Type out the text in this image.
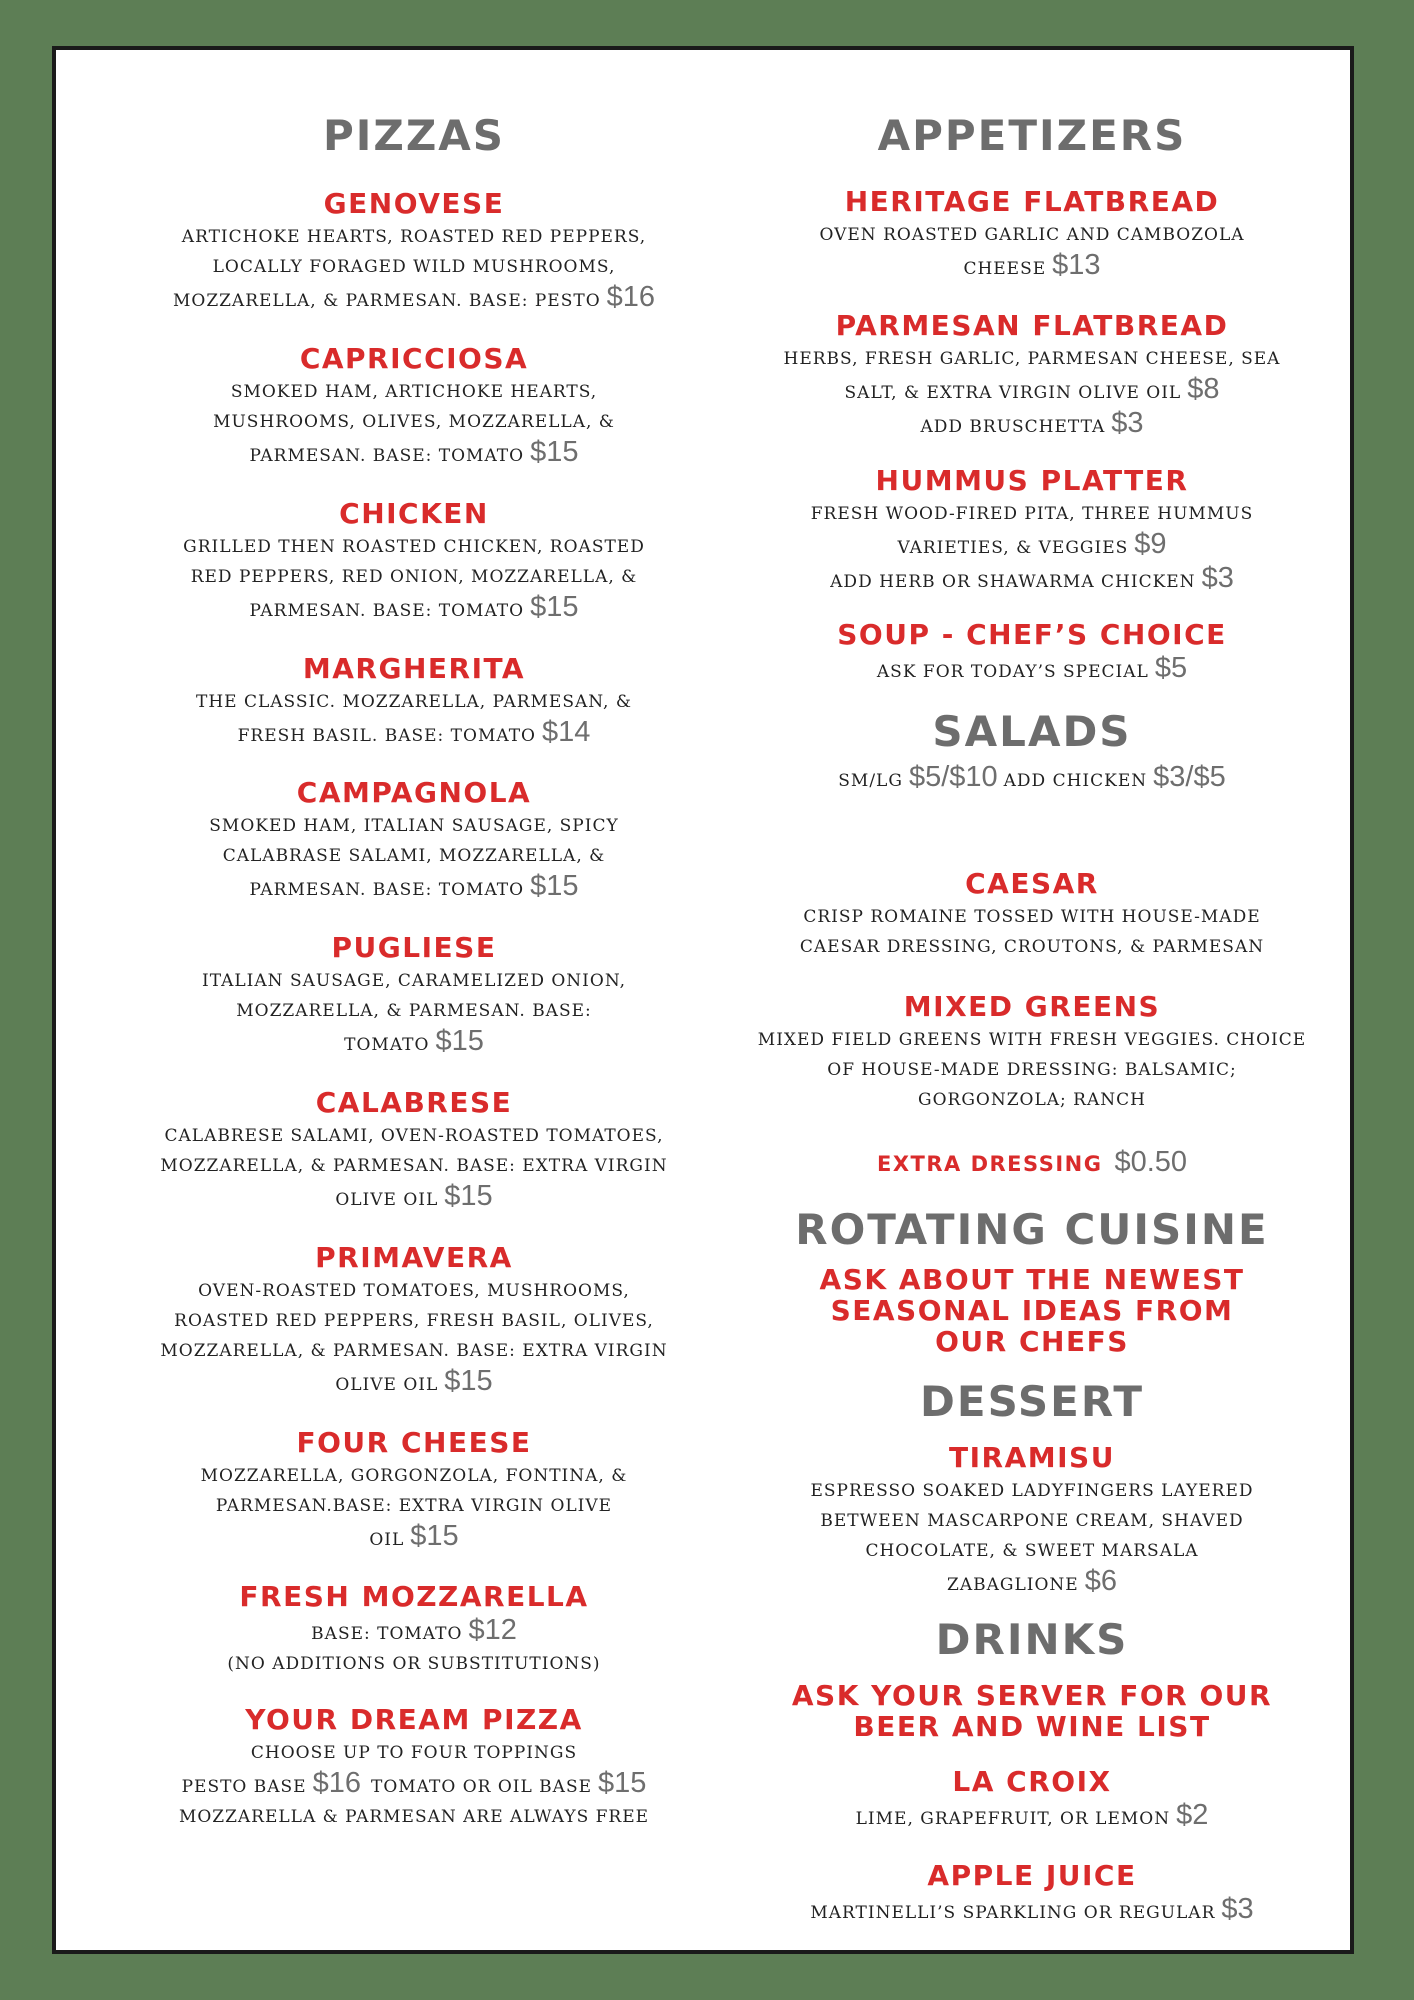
PIZZAS
GENOVESE
ARTICHOKE HEARTS, ROASTED RED PEPPERS, LOCALLY FORAGED WILD MUSHROOMS, MOZZARELLA, & PARMESAN. BASE: PESTO $16
CAPRICCIOSA
SMOKED HAM, ARTICHOKE HEARTS, MUSHROOMS, OLIVES, MOZZARELLA, & PARMESAN. BASE: TOMATO $15
CHICKEN
GRILLED THEN ROASTED CHICKEN, ROASTED RED PEPPERS, RED ONION, MOZZARELLA, & PARMESAN. BASE: TOMATO $15
MARGHERITA
THE CLASSIC. MOZZARELLA, PARMESAN, & FRESH BASIL. BASE: TOMATO $14
CAMPAGNOLA
SMOKED HAM, ITALIAN SAUSAGE, SPICY CALABRASE SALAMI, MOZZARELLA, & PARMESAN. BASE: TOMATO $15
PUGLIESE
ITALIAN SAUSAGE, CARAMELIZED ONION, MOZZARELLA, & PARMESAN. BASE: TOMATO $15
CALABRESE
CALABRESE SALAMI, OVEN-ROASTED TOMATOES, MOZZARELLA, & PARMESAN. BASE: EXTRA VIRGIN OLIVE OIL $15
PRIMAVERA
OVEN-ROASTED TOMATOES, MUSHROOMS, ROASTED RED PEPPERS, FRESH BASIL, OLIVES, MOZZARELLA, & PARMESAN. BASE: EXTRA VIRGIN OLIVE OIL $15
FOUR CHEESE
MOZZARELLA, GORGONZOLA, FONTINA, & PARMESAN.BASE: EXTRA VIRGIN OLIVE OIL $15
FRESH MOZZARELLA
BASE: TOMATO $12
(NO ADDITIONS OR SUBSTITUTIONS)
YOUR DREAM PIZZA
CHOOSE UP TO FOUR TOPPINGS
PESTO BASE $16 TOMATO OR OIL BASE $15
MOZZARELLA & PARMESAN ARE ALWAYS FREE
APPETIZERS
HERITAGE FLATBREAD
OVEN ROASTED GARLIC AND CAMBOZOLA CHEESE $13
PARMESAN FLATBREAD
HERBS, FRESH GARLIC, PARMESAN CHEESE, SEA SALT, & EXTRA VIRGIN OLIVE OIL $8
ADD BRUSCHETTA $3
HUMMUS PLATTER
FRESH WOOD-FIRED PITA, THREE HUMMUS VARIETIES, & VEGGIES $9
ADD HERB OR SHAWARMA CHICKEN $3
SOUP - CHEF’S CHOICE
ASK FOR TODAY’S SPECIAL $5
SALADS
SM/LG $5/$10 ADD CHICKEN $3/$5
CAESAR
CRISP ROMAINE TOSSED WITH HOUSE-MADE CAESAR DRESSING, CROUTONS, & PARMESAN
MIXED GREENS
MIXED FIELD GREENS WITH FRESH VEGGIES. CHOICE OF HOUSE-MADE DRESSING: BALSAMIC; GORGONZOLA; RANCH
EXTRA DRESSING $0.50
ROTATING CUISINE
ASK ABOUT THE NEWEST SEASONAL IDEAS FROM OUR CHEFS
DESSERT
TIRAMISU
ESPRESSO SOAKED LADYFINGERS LAYERED BETWEEN MASCARPONE CREAM, SHAVED CHOCOLATE, & SWEET MARSALA ZABAGLIONE $6
DRINKS
ASK YOUR SERVER FOR OUR BEER AND WINE LIST
LA CROIX
LIME, GRAPEFRUIT, OR LEMON $2
APPLE JUICE
MARTINELLI’S SPARKLING OR REGULAR $3
